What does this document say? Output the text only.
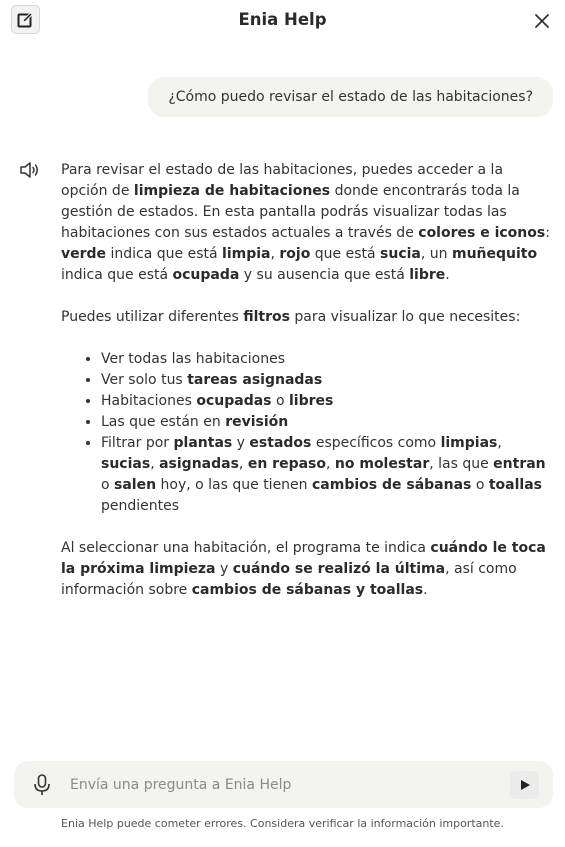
Enia Help
¿Cómo puedo revisar el estado de las habitaciones?

Para revisar el estado de las habitaciones, puedes acceder a la opción de limpieza de habitaciones donde encontrarás toda la gestión de estados. En esta pantalla podrás visualizar todas las habitaciones con sus estados actuales a través de colores e iconos: verde indica que está limpia, rojo que está sucia, un muñequito indica que está ocupada y su ausencia que está libre.

Puedes utilizar diferentes filtros para visualizar lo que necesites:

• Ver todas las habitaciones
• Ver solo tus tareas asignadas
• Habitaciones ocupadas o libres
• Las que están en revisión
• Filtrar por plantas y estados específicos como limpias, sucias, asignadas, en repaso, no molestar, las que entran o salen hoy, o las que tienen cambios de sábanas o toallas pendientes

Al seleccionar una habitación, el programa te indica cuándo le toca la próxima limpieza y cuándo se realizó la última, así como información sobre cambios de sábanas y toallas.

Envía una pregunta a Enia Help
Enia Help puede cometer errores. Considera verificar la información importante.
